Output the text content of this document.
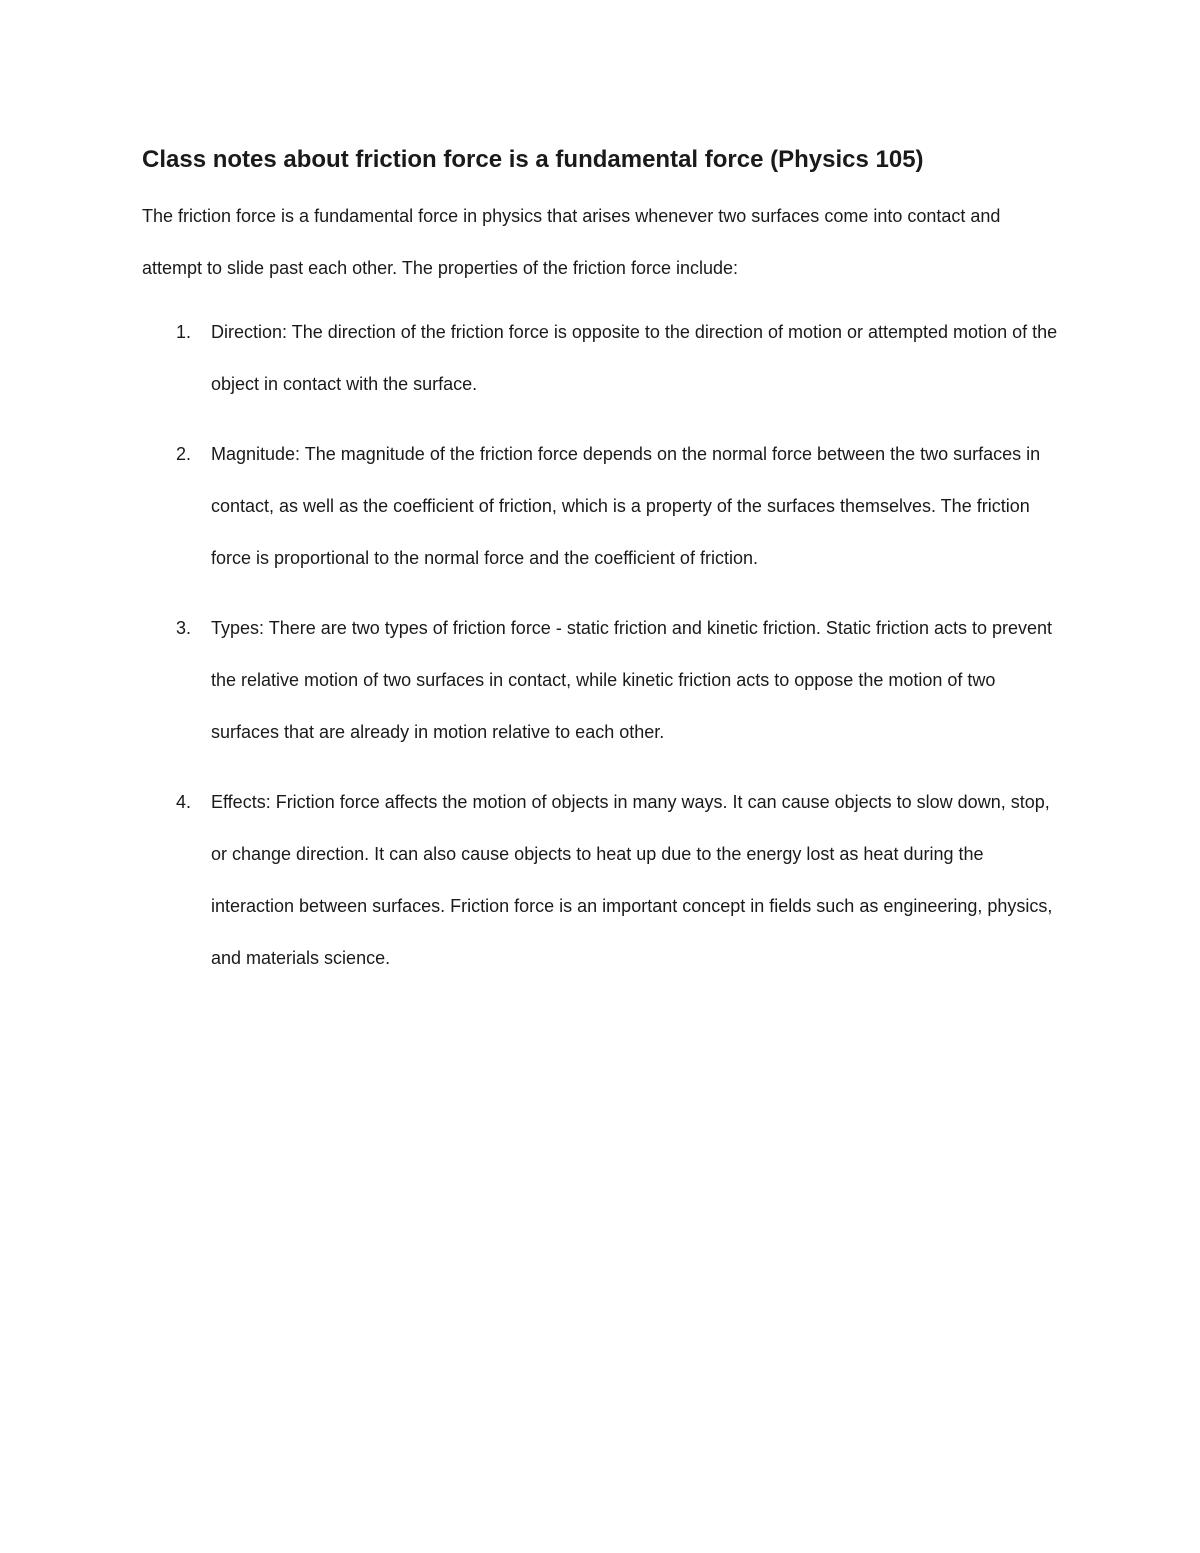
Class notes about friction force is a fundamental force (Physics 105)

The friction force is a fundamental force in physics that arises whenever two surfaces come into contact and attempt to slide past each other. The properties of the friction force include:

1. Direction: The direction of the friction force is opposite to the direction of motion or attempted motion of the object in contact with the surface.
2. Magnitude: The magnitude of the friction force depends on the normal force between the two surfaces in contact, as well as the coefficient of friction, which is a property of the surfaces themselves. The friction force is proportional to the normal force and the coefficient of friction.
3. Types: There are two types of friction force - static friction and kinetic friction. Static friction acts to prevent the relative motion of two surfaces in contact, while kinetic friction acts to oppose the motion of two surfaces that are already in motion relative to each other.
4. Effects: Friction force affects the motion of objects in many ways. It can cause objects to slow down, stop, or change direction. It can also cause objects to heat up due to the energy lost as heat during the interaction between surfaces. Friction force is an important concept in fields such as engineering, physics, and materials science.
